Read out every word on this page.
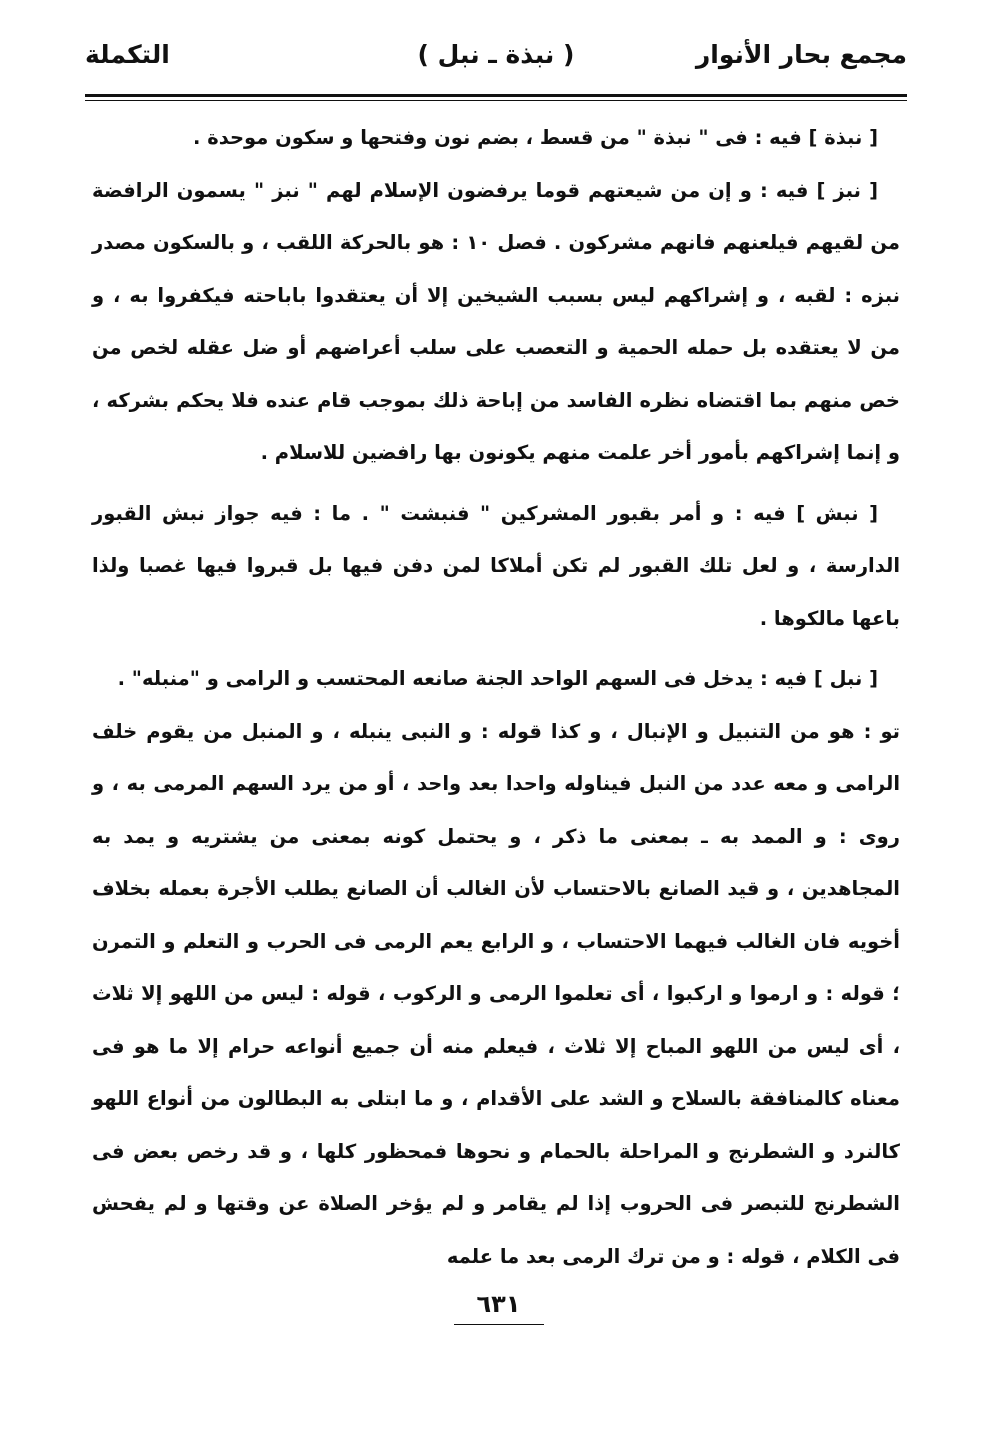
مجمع بحار الأنوار
( نبذة ـ نبل )
التكملة

[ نبذة ] فيه : فى " نبذة " من قسط ، بضم نون وفتحها و سكون موحدة .

[ نبز ] فيه : و إن من شيعتهم قوما يرفضون الإسلام لهم " نبز " يسمون الرافضة من لقيهم فيلعنهم فانهم مشركون . فصل ١٠ : هو بالحركة اللقب ، و بالسكون مصدر نبزه : لقبه ، و إشراكهم ليس بسبب الشيخين إلا أن يعتقدوا باباحته فيكفروا به ، و من لا يعتقده بل حمله الحمية و التعصب على سلب أعراضهم أو ضل عقله لخص من خص منهم بما اقتضاه نظره الفاسد من إباحة ذلك بموجب قام عنده فلا يحكم بشركه ، و إنما إشراكهم بأمور أخر علمت منهم يكونون بها رافضين للاسلام .

[ نبش ] فيه : و أمر بقبور المشركين " فنبشت " . ما : فيه جواز نبش القبور الدارسة ، و لعل تلك القبور لم تكن أملاكا لمن دفن فيها بل قبروا فيها غصبا ولذا باعها مالكوها .

[ نبل ] فيه : يدخل فى السهم الواحد الجنة صانعه المحتسب و الرامى و "منبله" .

تو : هو من التنبيل و الإنبال ، و كذا قوله : و النبى ينبله ، و المنبل من يقوم خلف الرامى و معه عدد من النبل فيناوله واحدا بعد واحد ، أو من يرد السهم المرمى به ، و روى : و الممد به ـ بمعنى ما ذكر ، و يحتمل كونه بمعنى من يشتريه و يمد به المجاهدين ، و قيد الصانع بالاحتساب لأن الغالب أن الصانع يطلب الأجرة بعمله بخلاف أخويه فان الغالب فيهما الاحتساب ، و الرابع يعم الرمى فى الحرب و التعلم و التمرن ؛ قوله : و ارموا و اركبوا ، أى تعلموا الرمى و الركوب ، قوله : ليس من اللهو إلا ثلاث ، أى ليس من اللهو المباح إلا ثلاث ، فيعلم منه أن جميع أنواعه حرام إلا ما هو فى معناه كالمنافقة بالسلاح و الشد على الأقدام ، و ما ابتلى به البطالون من أنواع اللهو كالنرد و الشطرنج و المراحلة بالحمام و نحوها فمحظور كلها ، و قد رخص بعض فى الشطرنج للتبصر فى الحروب إذا لم يقامر و لم يؤخر الصلاة عن وقتها و لم يفحش فى الكلام ، قوله : و من ترك الرمى بعد ما علمه

٦٣١
